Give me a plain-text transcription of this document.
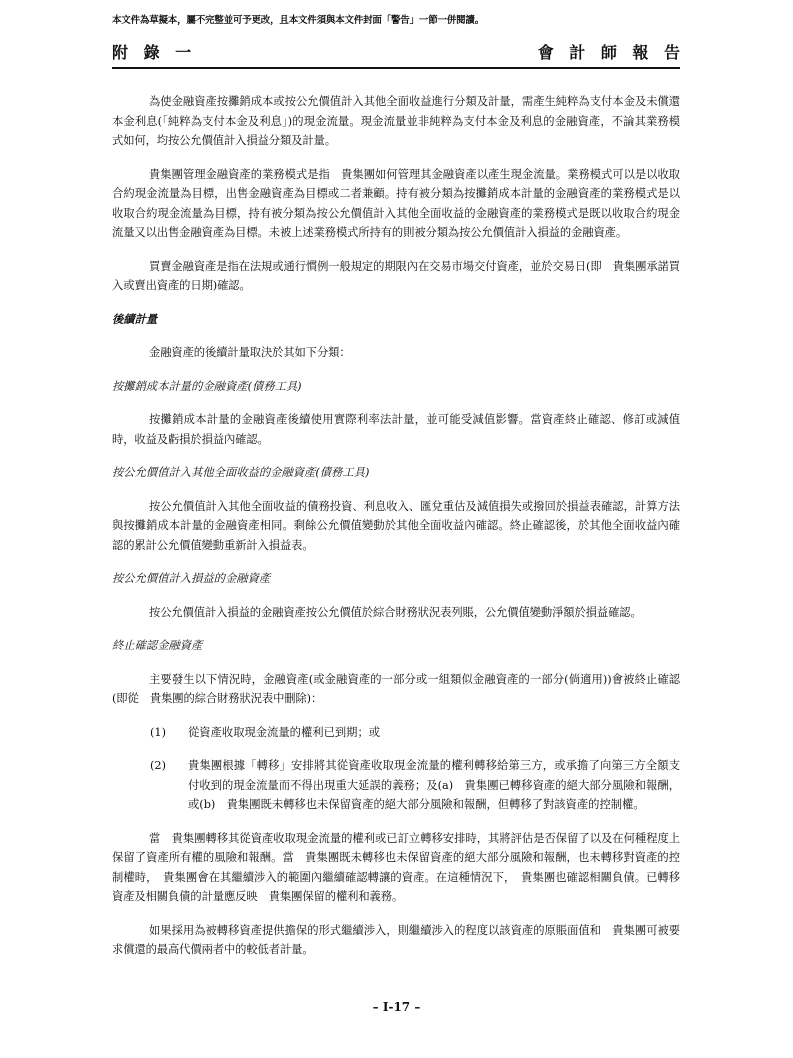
本文件為草擬本，屬不完整並可予更改，且本文件須與本文件封面「警告」一節一併閱讀。
附 錄 一	會 計 師 報 告

為使金融資產按攤銷成本或按公允價值計入其他全面收益進行分類及計量，需產生純粹為支付本金及未償還本金利息(「純粹為支付本金及利息」)的現金流量。現金流量並非純粹為支付本金及利息的金融資產，不論其業務模式如何，均按公允價值計入損益分類及計量。

貴集團管理金融資產的業務模式是指　貴集團如何管理其金融資產以產生現金流量。業務模式可以是以收取合約現金流量為目標，出售金融資產為目標或二者兼顧。持有被分類為按攤銷成本計量的金融資產的業務模式是以收取合約現金流量為目標，持有被分類為按公允價值計入其他全面收益的金融資產的業務模式是既以收取合約現金流量又以出售金融資產為目標。未被上述業務模式所持有的則被分類為按公允價值計入損益的金融資產。

買賣金融資產是指在法規或通行慣例一般規定的期限內在交易市場交付資產，並於交易日(即　貴集團承諾買入或賣出資產的日期)確認。

後續計量

金融資產的後續計量取決於其如下分類：

按攤銷成本計量的金融資產(債務工具)

按攤銷成本計量的金融資產後續使用實際利率法計量，並可能受減值影響。當資產終止確認、修訂或減值時，收益及虧損於損益內確認。

按公允價值計入其他全面收益的金融資產(債務工具)

按公允價值計入其他全面收益的債務投資、利息收入、匯兌重估及減值損失或撥回於損益表確認，計算方法與按攤銷成本計量的金融資產相同。剩餘公允價值變動於其他全面收益內確認。終止確認後，於其他全面收益內確認的累計公允價值變動重新計入損益表。

按公允價值計入損益的金融資產

按公允價值計入損益的金融資產按公允價值於綜合財務狀況表列賬，公允價值變動淨額於損益確認。

終止確認金融資產

主要發生以下情況時，金融資產(或金融資產的一部分或一組類似金融資產的一部分(倘適用))會被終止確認(即從　貴集團的綜合財務狀況表中刪除)：

(1) 從資產收取現金流量的權利已到期；或
(2) 貴集團根據「轉移」安排將其從資產收取現金流量的權利轉移給第三方，或承擔了向第三方全額支付收到的現金流量而不得出現重大延誤的義務；及(a)　貴集團已轉移資產的絕大部分風險和報酬，或(b)　貴集團既未轉移也未保留資產的絕大部分風險和報酬，但轉移了對該資產的控制權。

當　貴集團轉移其從資產收取現金流量的權利或已訂立轉移安排時，其將評估是否保留了以及在何種程度上保留了資產所有權的風險和報酬。當　貴集團既未轉移也未保留資產的絕大部分風險和報酬，也未轉移對資產的控制權時，　貴集團會在其繼續涉入的範圍內繼續確認轉讓的資產。在這種情況下，　貴集團也確認相關負債。已轉移資產及相關負債的計量應反映　貴集團保留的權利和義務。

如果採用為被轉移資產提供擔保的形式繼續涉入，則繼續涉入的程度以該資產的原賬面值和　貴集團可被要求償還的最高代價兩者中的較低者計量。

– I-17 –
